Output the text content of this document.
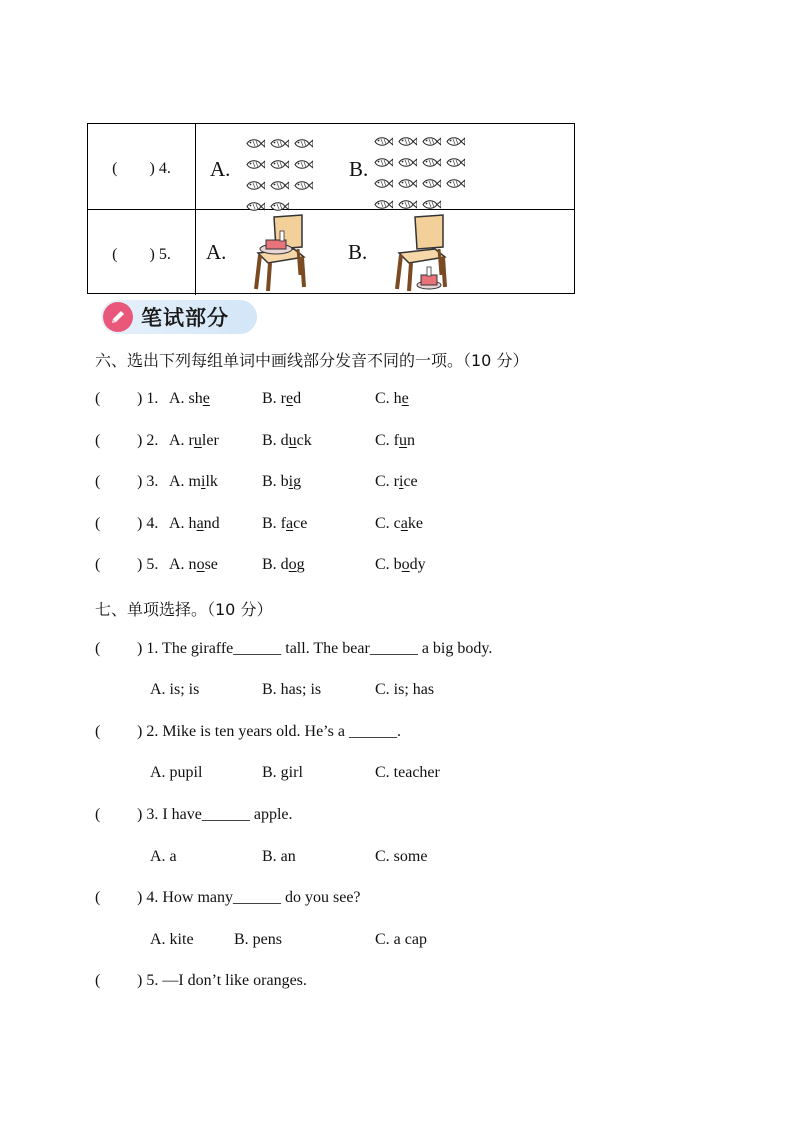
(　　) 4.	A.	B.
(　　) 5.	A.	B.
笔试部分
六、选出下列每组单词中画线部分发音不同的一项。（10 分）
( ) 1. A. she	B. red	C. he
( ) 2. A. ruler	B. duck	C. fun
( ) 3. A. milk	B. big	C. rice
( ) 4. A. hand	B. face	C. cake
( ) 5. A. nose	B. dog	C. body
七、单项选择。（10 分）
( ) 1. The giraffe______ tall. The bear______ a big body.
A. is; is	B. has; is	C. is; has
( ) 2. Mike is ten years old. He’s a ______.
A. pupil	B. girl	C. teacher
( ) 3. I have______ apple.
A. a	B. an	C. some
( ) 4. How many______ do you see?
A. kite	B. pens	C. a cap
( ) 5. —I don’t like oranges.
